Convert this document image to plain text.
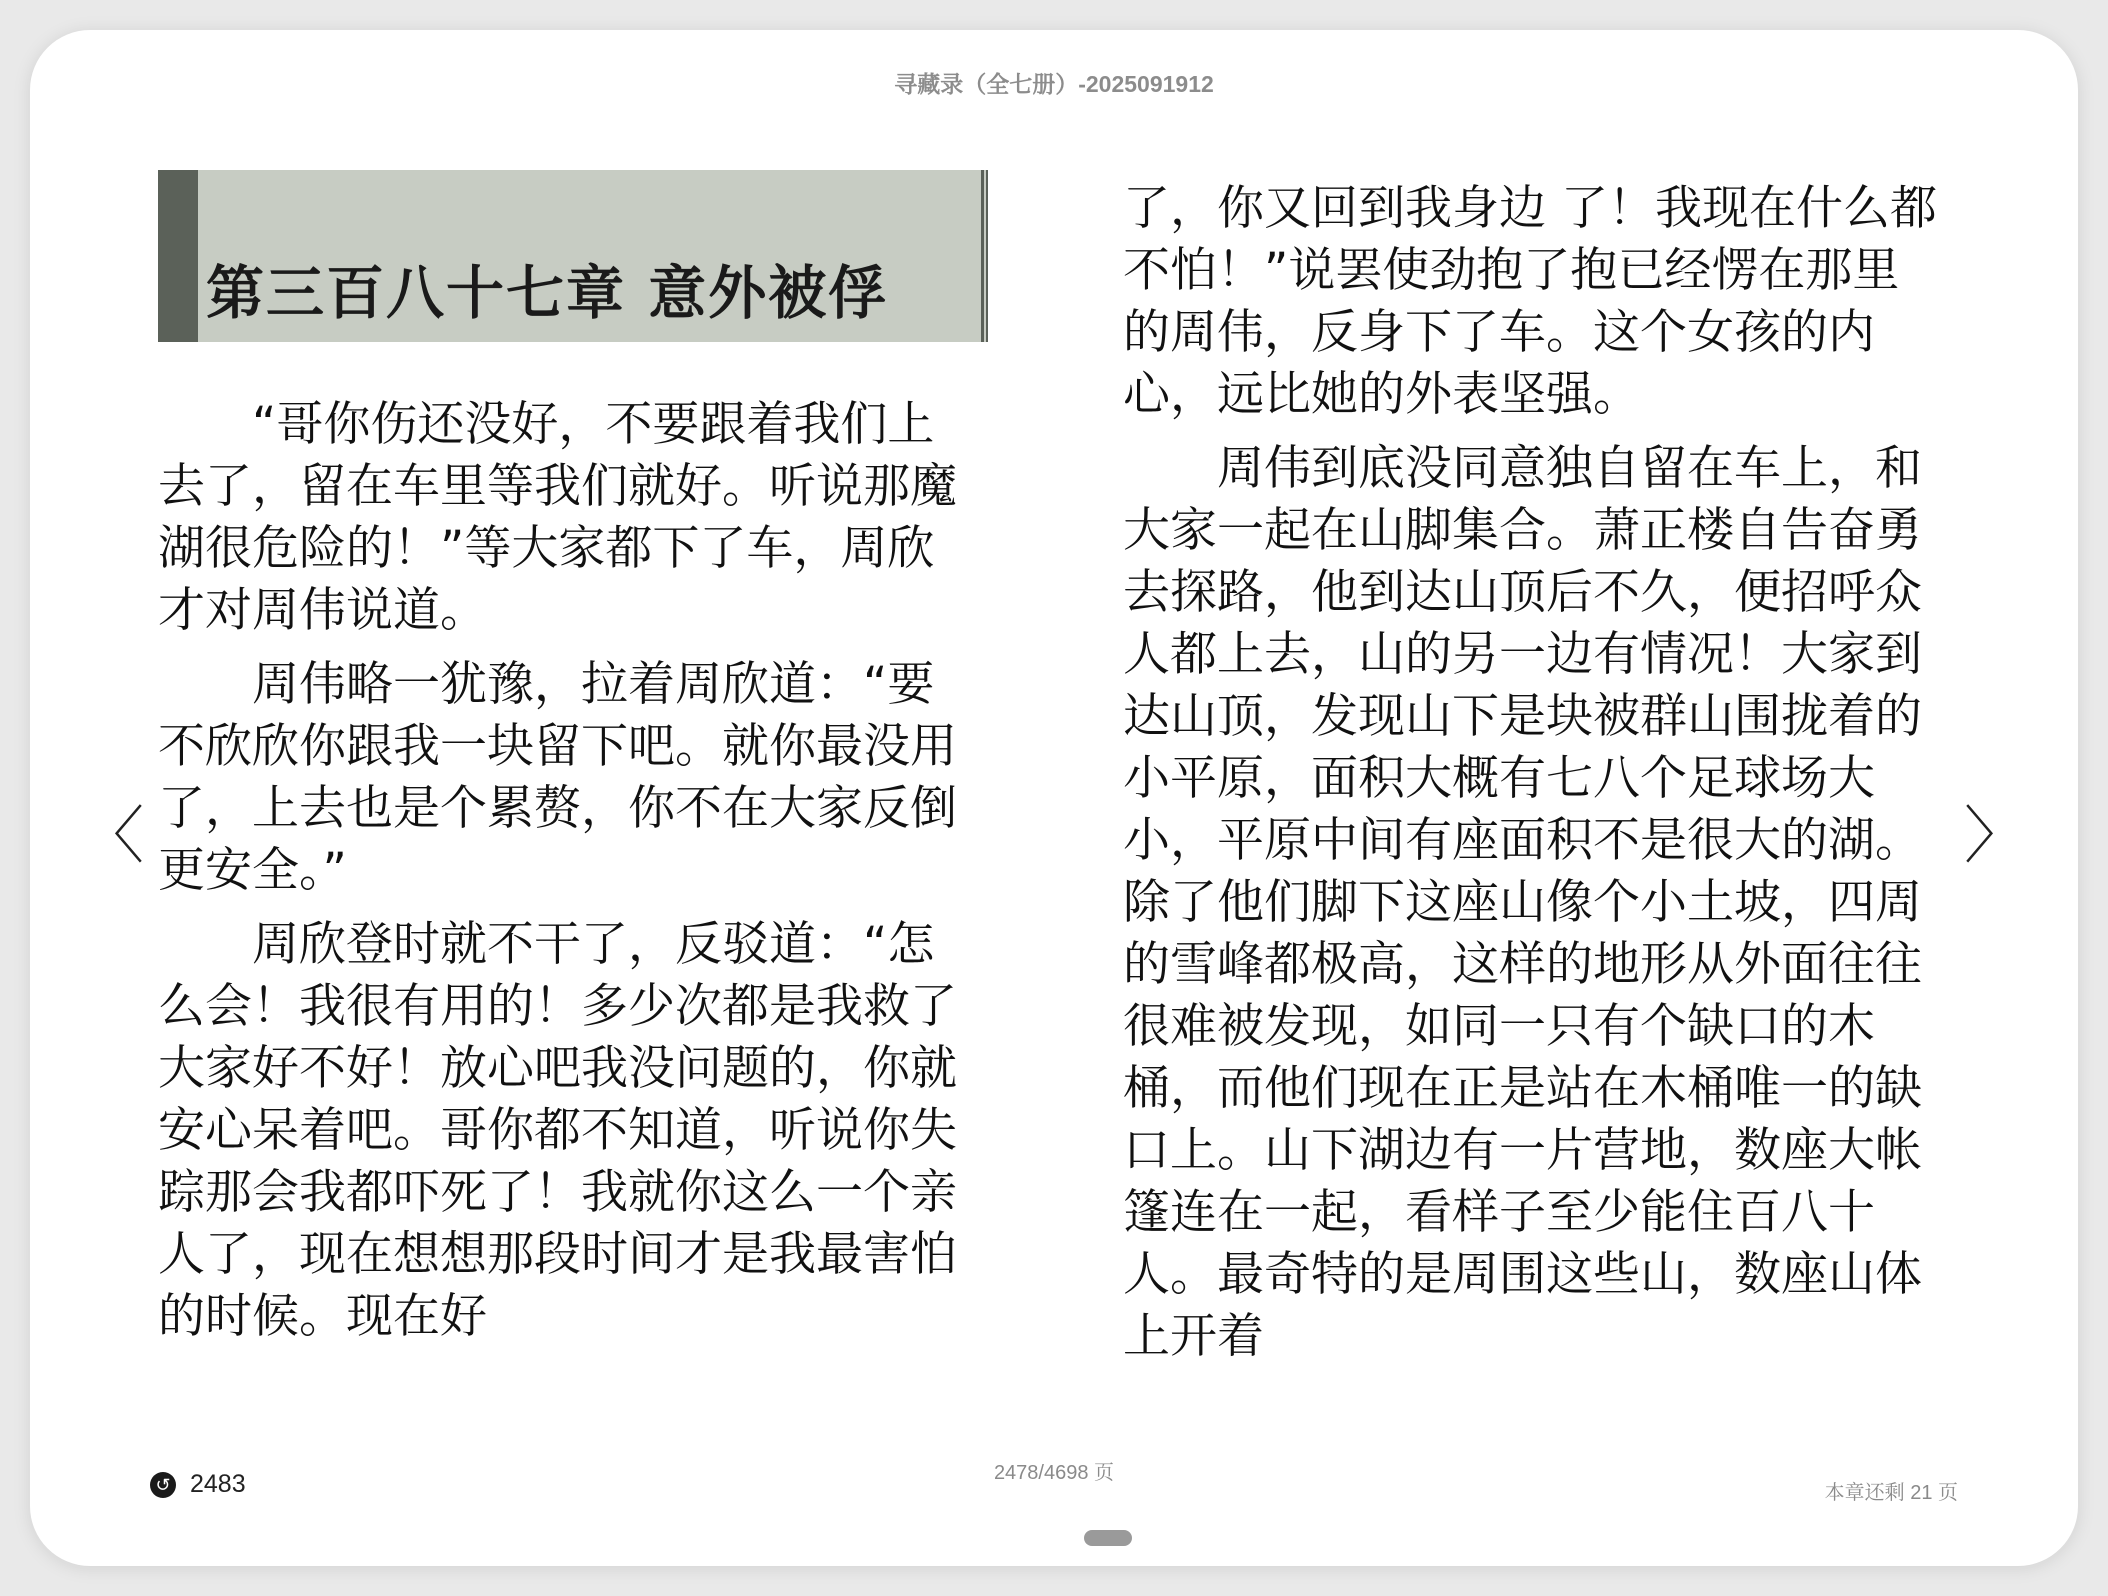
寻藏录（全七册）-2025091912
〈	〉
第三百八十七章 意外被俘

“哥你伤还没好，不要跟着我们上去了，留在车里等我们就好。听说那魔湖很危险的！”等大家都下了车，周欣才对周伟说道。

周伟略一犹豫，拉着周欣道：“要不欣欣你跟我一块留下吧。就你最没用了，上去也是个累赘，你不在大家反倒更安全。”

周欣登时就不干了，反驳道：“怎么会！我很有用的！多少次都是我救了大家好不好！放心吧我没问题的，你就安心呆着吧。哥你都不知道，听说你失踪那会我都吓死了！我就你这么一个亲人了，现在想想那段时间才是我最害怕的时候。现在好

了，你又回到我身边 了！我现在什么都不怕！”说罢使劲抱了抱已经愣在那里的周伟，反身下了车。这个女孩的内心，远比她的外表坚强。

周伟到底没同意独自留在车上，和大家一起在山脚集合。萧正楼自告奋勇去探路，他到达山顶后不久，便招呼众人都上去，山的另一边有情况！大家到达山顶，发现山下是块被群山围拢着的小平原，面积大概有七八个足球场大小，平原中间有座面积不是很大的湖。除了他们脚下这座山像个小土坡，四周的雪峰都极高，这样的地形从外面往往很难被发现，如同一只有个缺口的木桶，而他们现在正是站在木桶唯一的缺口上。山下湖边有一片营地，数座大帐篷连在一起，看样子至少能住百八十人。最奇特的是周围这些山，数座山体上开着

↺ 2483	2478/4698 页
本章还剩 21 页
